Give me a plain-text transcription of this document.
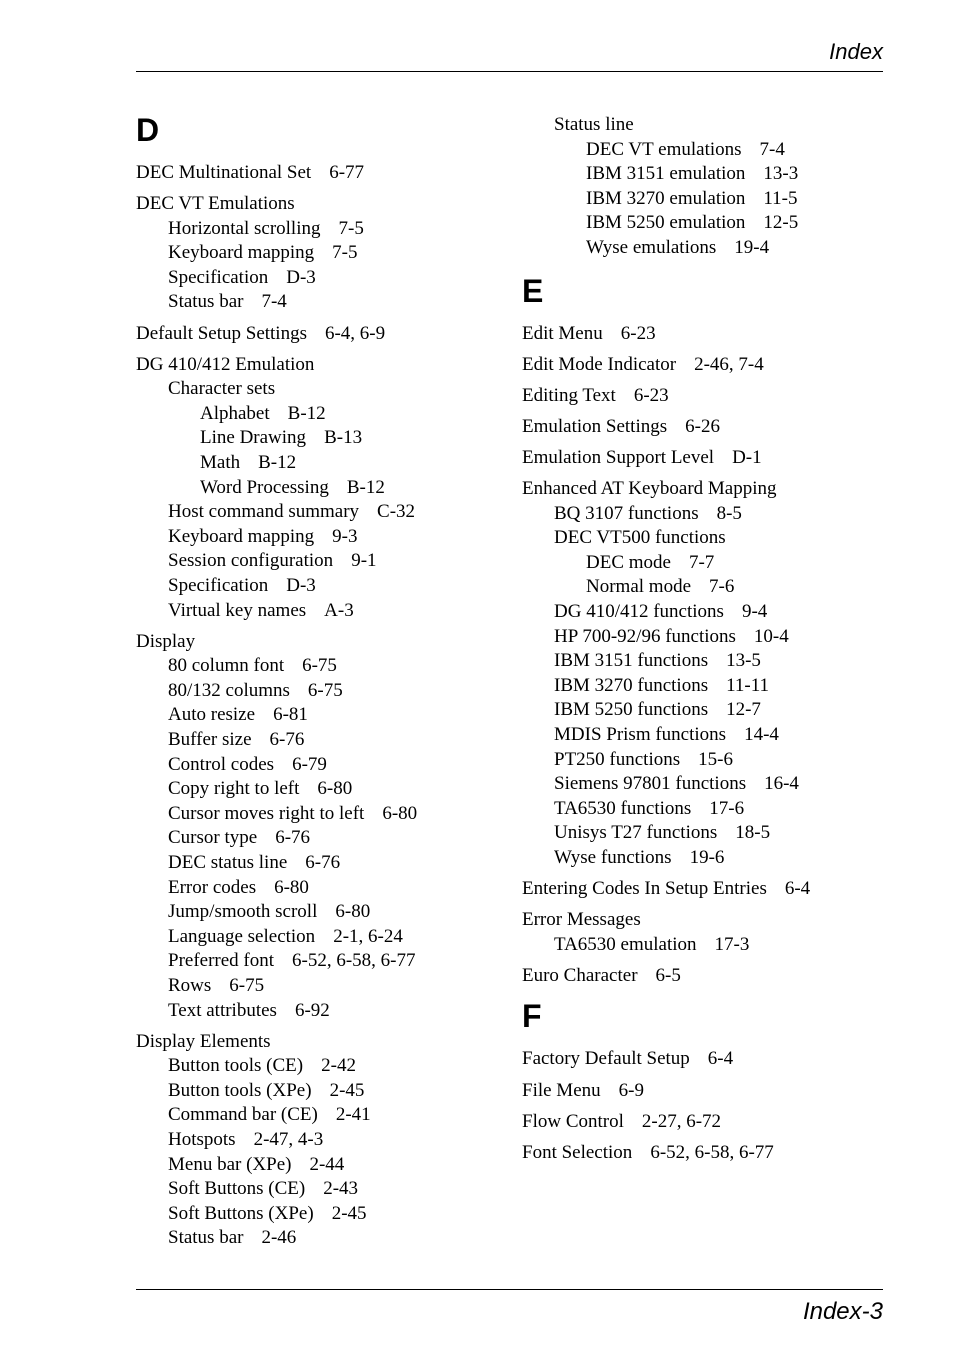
Index
D
DEC Multinational Set 6-77
DEC VT Emulations
Horizontal scrolling 7-5
Keyboard mapping 7-5
Specification D-3
Status bar 7-4
Default Setup Settings 6-4, 6-9
DG 410/412 Emulation
Character sets
Alphabet B-12
Line Drawing B-13
Math B-12
Word Processing B-12
Host command summary C-32
Keyboard mapping 9-3
Session configuration 9-1
Specification D-3
Virtual key names A-3
Display
80 column font 6-75
80/132 columns 6-75
Auto resize 6-81
Buffer size 6-76
Control codes 6-79
Copy right to left 6-80
Cursor moves right to left 6-80
Cursor type 6-76
DEC status line 6-76
Error codes 6-80
Jump/smooth scroll 6-80
Language selection 2-1, 6-24
Preferred font 6-52, 6-58, 6-77
Rows 6-75
Text attributes 6-92
Display Elements
Button tools (CE) 2-42
Button tools (XPe) 2-45
Command bar (CE) 2-41
Hotspots 2-47, 4-3
Menu bar (XPe) 2-44
Soft Buttons (CE) 2-43
Soft Buttons (XPe) 2-45
Status bar 2-46
Status line
DEC VT emulations 7-4
IBM 3151 emulation 13-3
IBM 3270 emulation 11-5
IBM 5250 emulation 12-5
Wyse emulations 19-4
E
Edit Menu 6-23
Edit Mode Indicator 2-46, 7-4
Editing Text 6-23
Emulation Settings 6-26
Emulation Support Level D-1
Enhanced AT Keyboard Mapping
BQ 3107 functions 8-5
DEC VT500 functions
DEC mode 7-7
Normal mode 7-6
DG 410/412 functions 9-4
HP 700-92/96 functions 10-4
IBM 3151 functions 13-5
IBM 3270 functions 11-11
IBM 5250 functions 12-7
MDIS Prism functions 14-4
PT250 functions 15-6
Siemens 97801 functions 16-4
TA6530 functions 17-6
Unisys T27 functions 18-5
Wyse functions 19-6
Entering Codes In Setup Entries 6-4
Error Messages
TA6530 emulation 17-3
Euro Character 6-5
F
Factory Default Setup 6-4
File Menu 6-9
Flow Control 2-27, 6-72
Font Selection 6-52, 6-58, 6-77
Index-3
